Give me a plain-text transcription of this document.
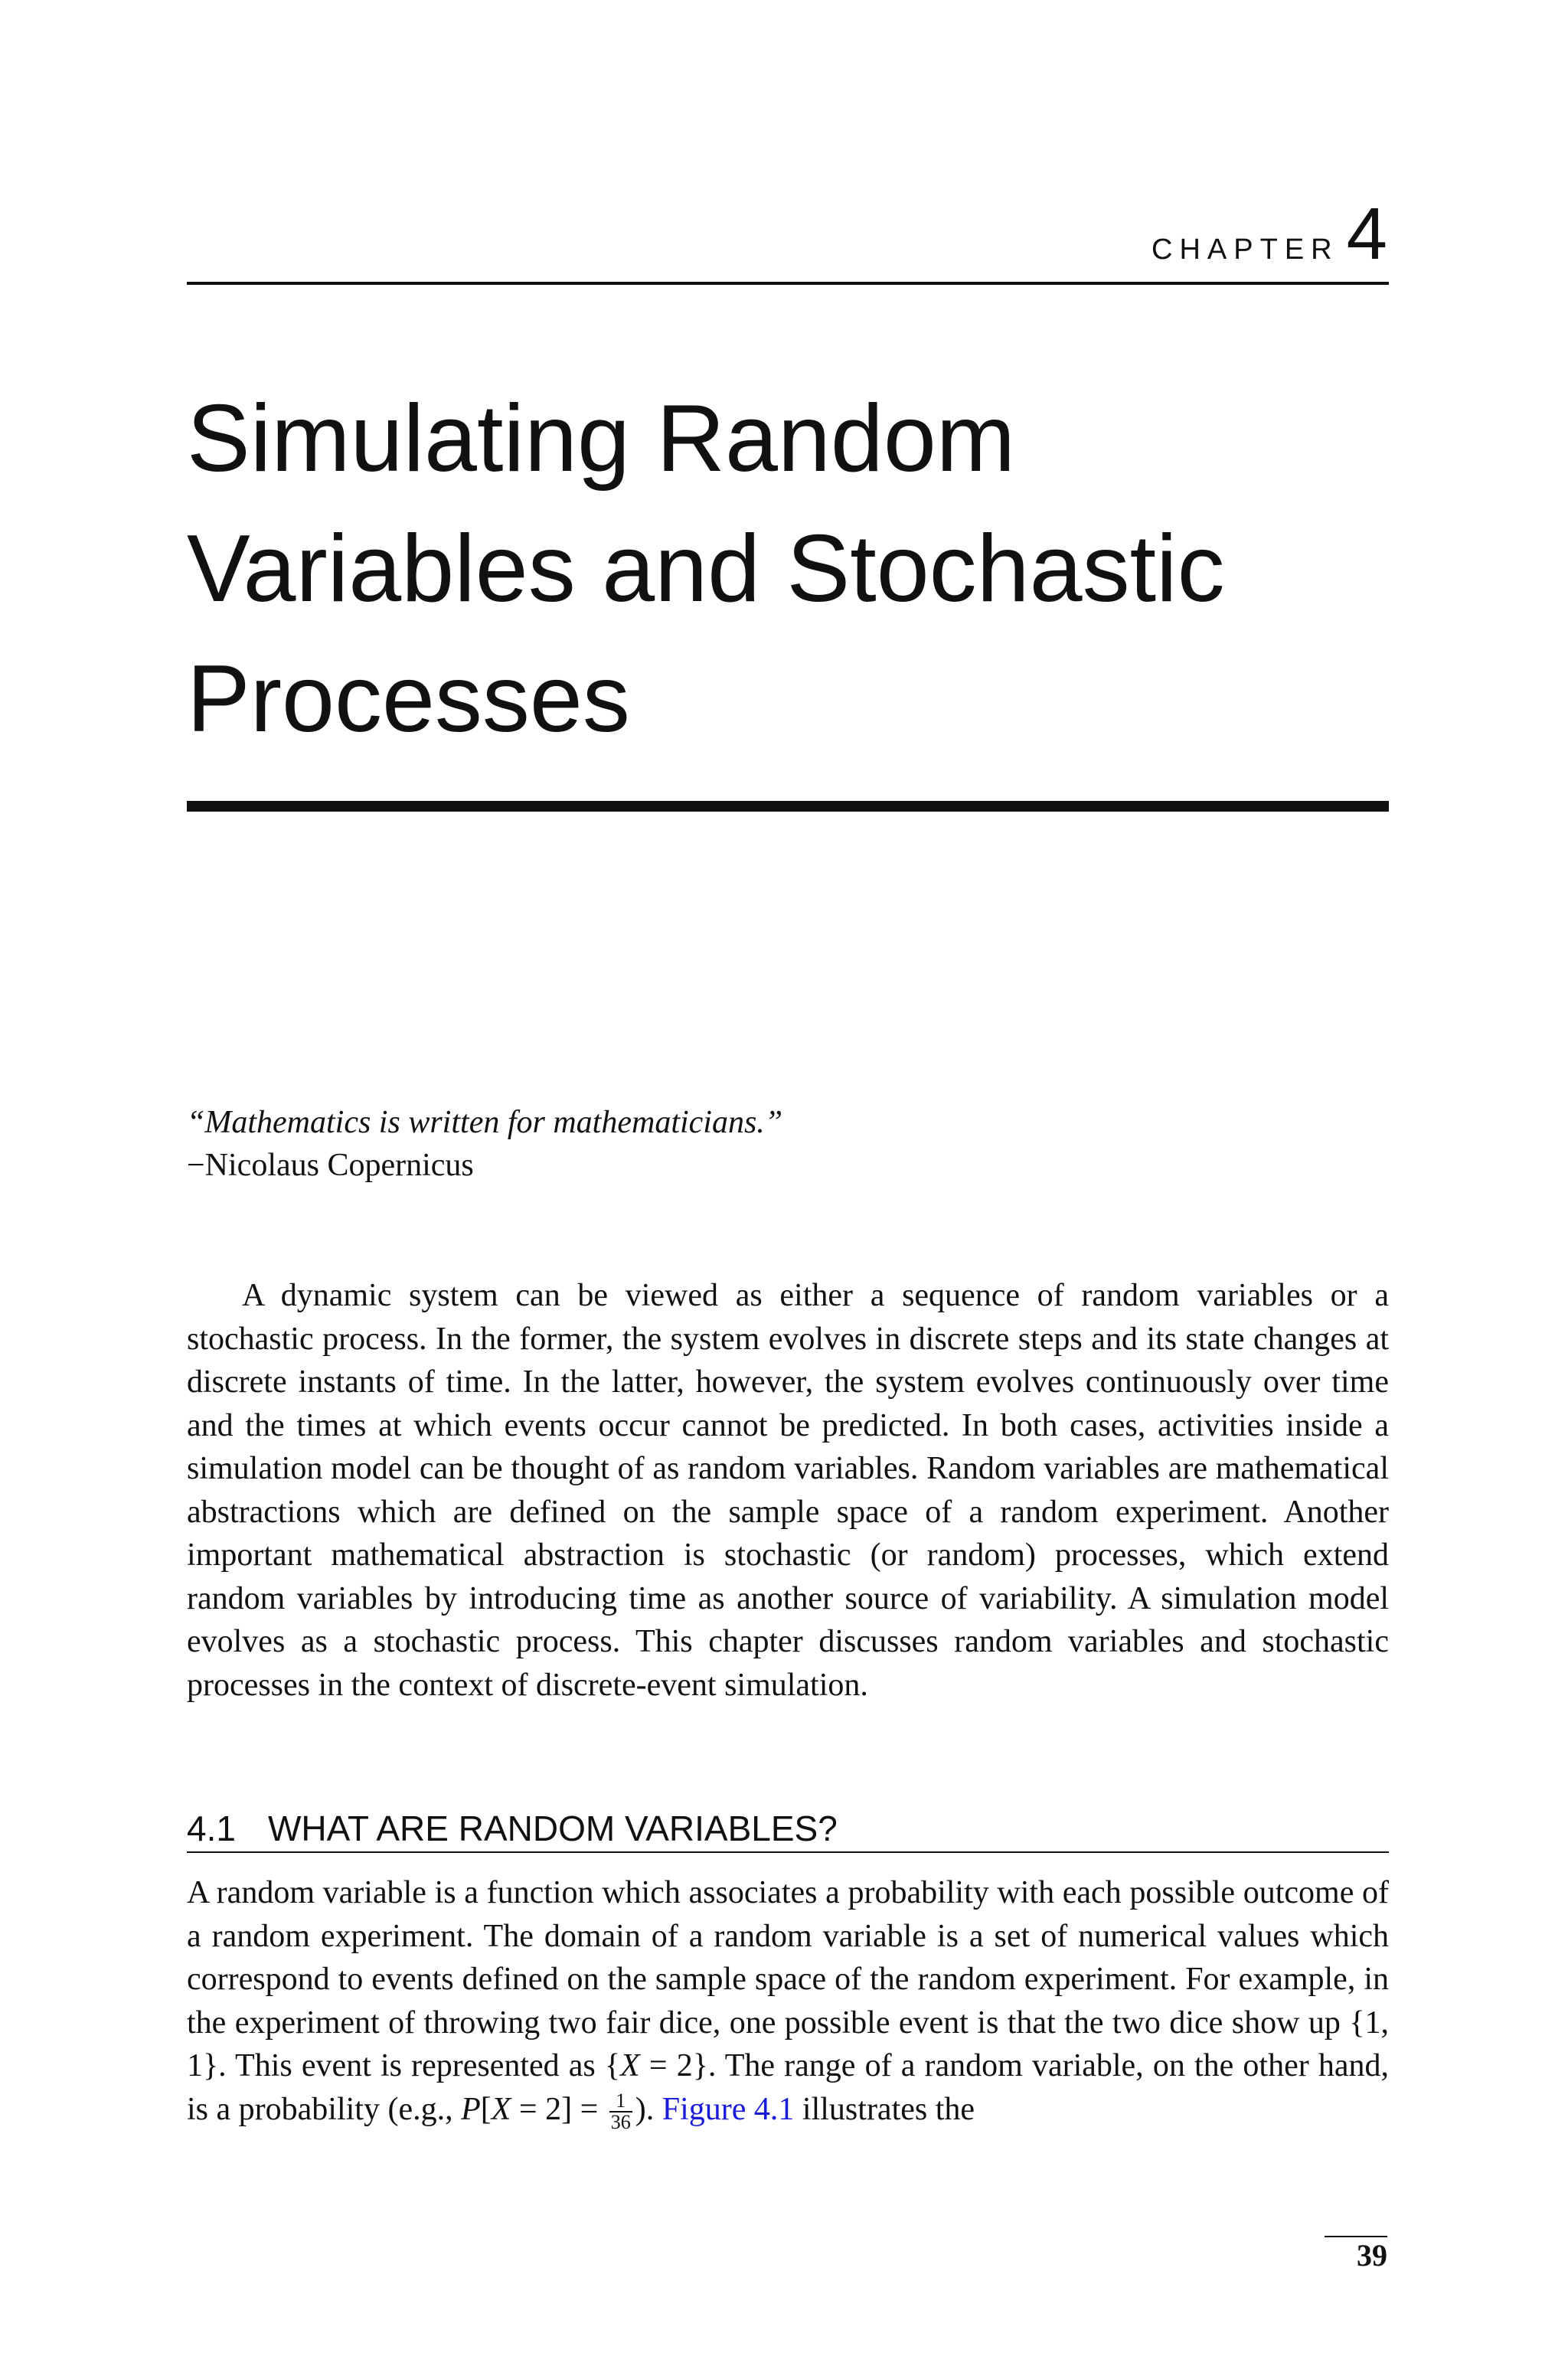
CHAPTER 4
Simulating Random
Variables and Stochastic
Processes
“Mathematics is written for mathematicians.”
−Nicolaus Copernicus

A dynamic system can be viewed as either a sequence of random variables or a stochastic process. In the former, the system evolves in discrete steps and its state changes at discrete instants of time. In the latter, however, the system evolves continuously over time and the times at which events occur cannot be predicted. In both cases, activities inside a simulation model can be thought of as random variables. Random variables are mathematical abstractions which are defined on the sample space of a random experiment. Another important mathematical abstraction is stochastic (or random) processes, which extend random variables by introducing time as another source of variability. A simulation model evolves as a stochastic process. This chapter discusses random variables and stochastic processes in the context of discrete-event simulation.

4.1 WHAT ARE RANDOM VARIABLES?

A random variable is a function which associates a probability with each possible outcome of a random experiment. The domain of a random variable is a set of numerical values which correspond to events defined on the sample space of the random experiment. For example, in the experiment of throwing two fair dice, one possible event is that the two dice show up {1, 1}. This event is represented as {X = 2}. The range of a random variable, on the other hand, is a probability (e.g., $P[X = 2] = \frac{1}{36}$ ). Figure 4.1 illustrates the

39
